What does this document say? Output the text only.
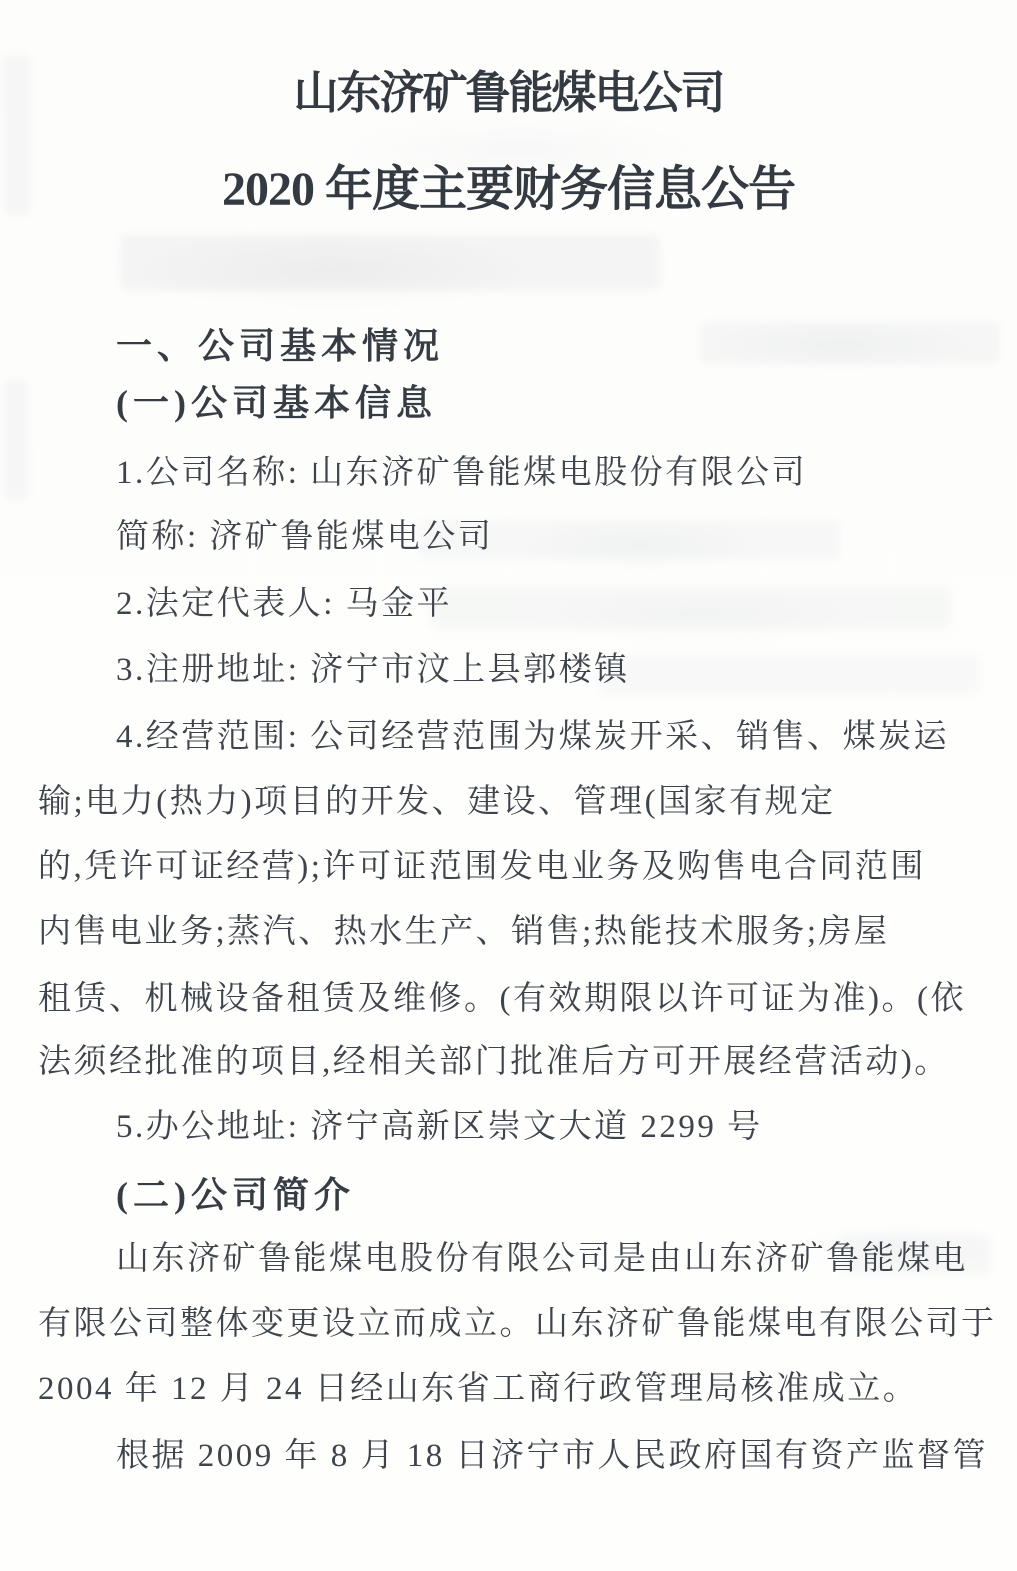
山东济矿鲁能煤电公司
2020 年度主要财务信息公告
一、公司基本情况
(一)公司基本信息
1.公司名称: 山东济矿鲁能煤电股份有限公司
简称: 济矿鲁能煤电公司
2.法定代表人: 马金平
3.注册地址: 济宁市汶上县郭楼镇
4.经营范围: 公司经营范围为煤炭开采、销售、煤炭运
输;电力(热力)项目的开发、建设、管理(国家有规定
的,凭许可证经营);许可证范围发电业务及购售电合同范围
内售电业务;蒸汽、热水生产、销售;热能技术服务;房屋
租赁、机械设备租赁及维修。(有效期限以许可证为准)。(依
法须经批准的项目,经相关部门批准后方可开展经营活动)。
5.办公地址: 济宁高新区崇文大道 2299 号
(二)公司简介
山东济矿鲁能煤电股份有限公司是由山东济矿鲁能煤电
有限公司整体变更设立而成立。山东济矿鲁能煤电有限公司于
2004 年 12 月 24 日经山东省工商行政管理局核准成立。
根据 2009 年 8 月 18 日济宁市人民政府国有资产监督管
